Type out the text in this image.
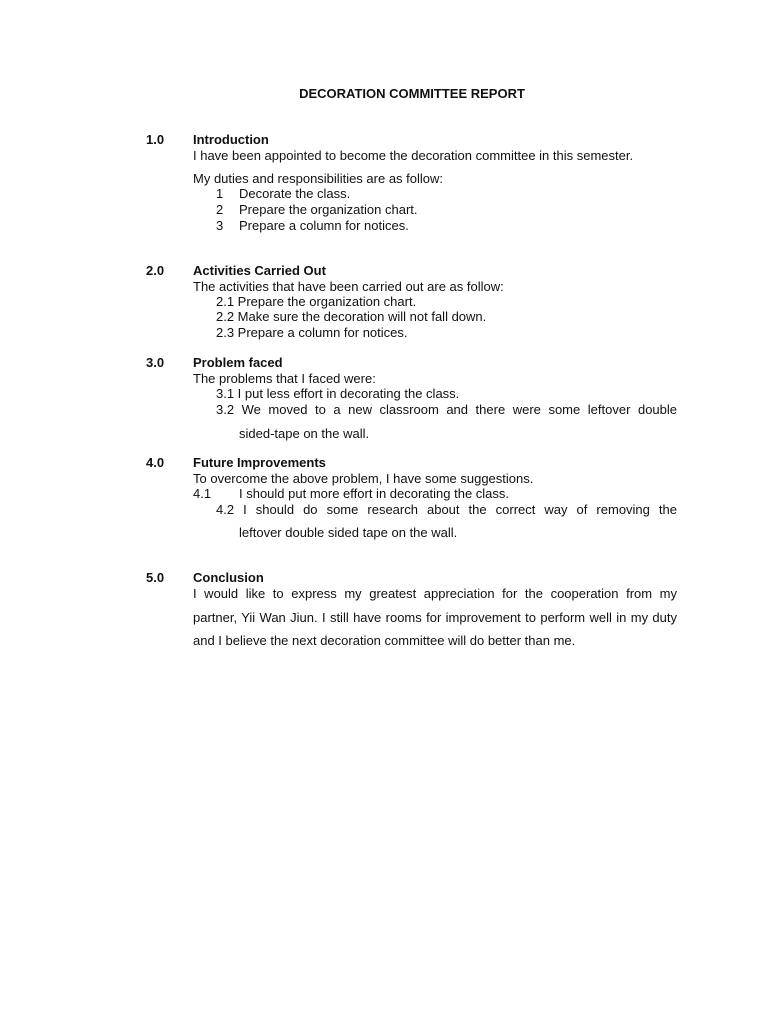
DECORATION COMMITTEE REPORT
1.0 Introduction
I have been appointed to become the decoration committee in this semester.
My duties and responsibilities are as follow:
1 Decorate the class.
2 Prepare the organization chart.
3 Prepare a column for notices.
2.0 Activities Carried Out
The activities that have been carried out are as follow:
2.1 Prepare the organization chart.
2.2 Make sure the decoration will not fall down.
2.3 Prepare a column for notices.
3.0 Problem faced
The problems that I faced were:
3.1 I put less effort in decorating the class.
3.2 We moved to a new classroom and there were some leftover double
sided-tape on the wall.
4.0 Future Improvements
To overcome the above problem, I have some suggestions.
4.1 I should put more effort in decorating the class.
4.2 I should do some research about the correct way of removing the
leftover double sided tape on the wall.
5.0 Conclusion
I would like to express my greatest appreciation for the cooperation from my partner, Yii Wan Jiun. I still have rooms for improvement to perform well in my duty and I believe the next decoration committee will do better than me.
